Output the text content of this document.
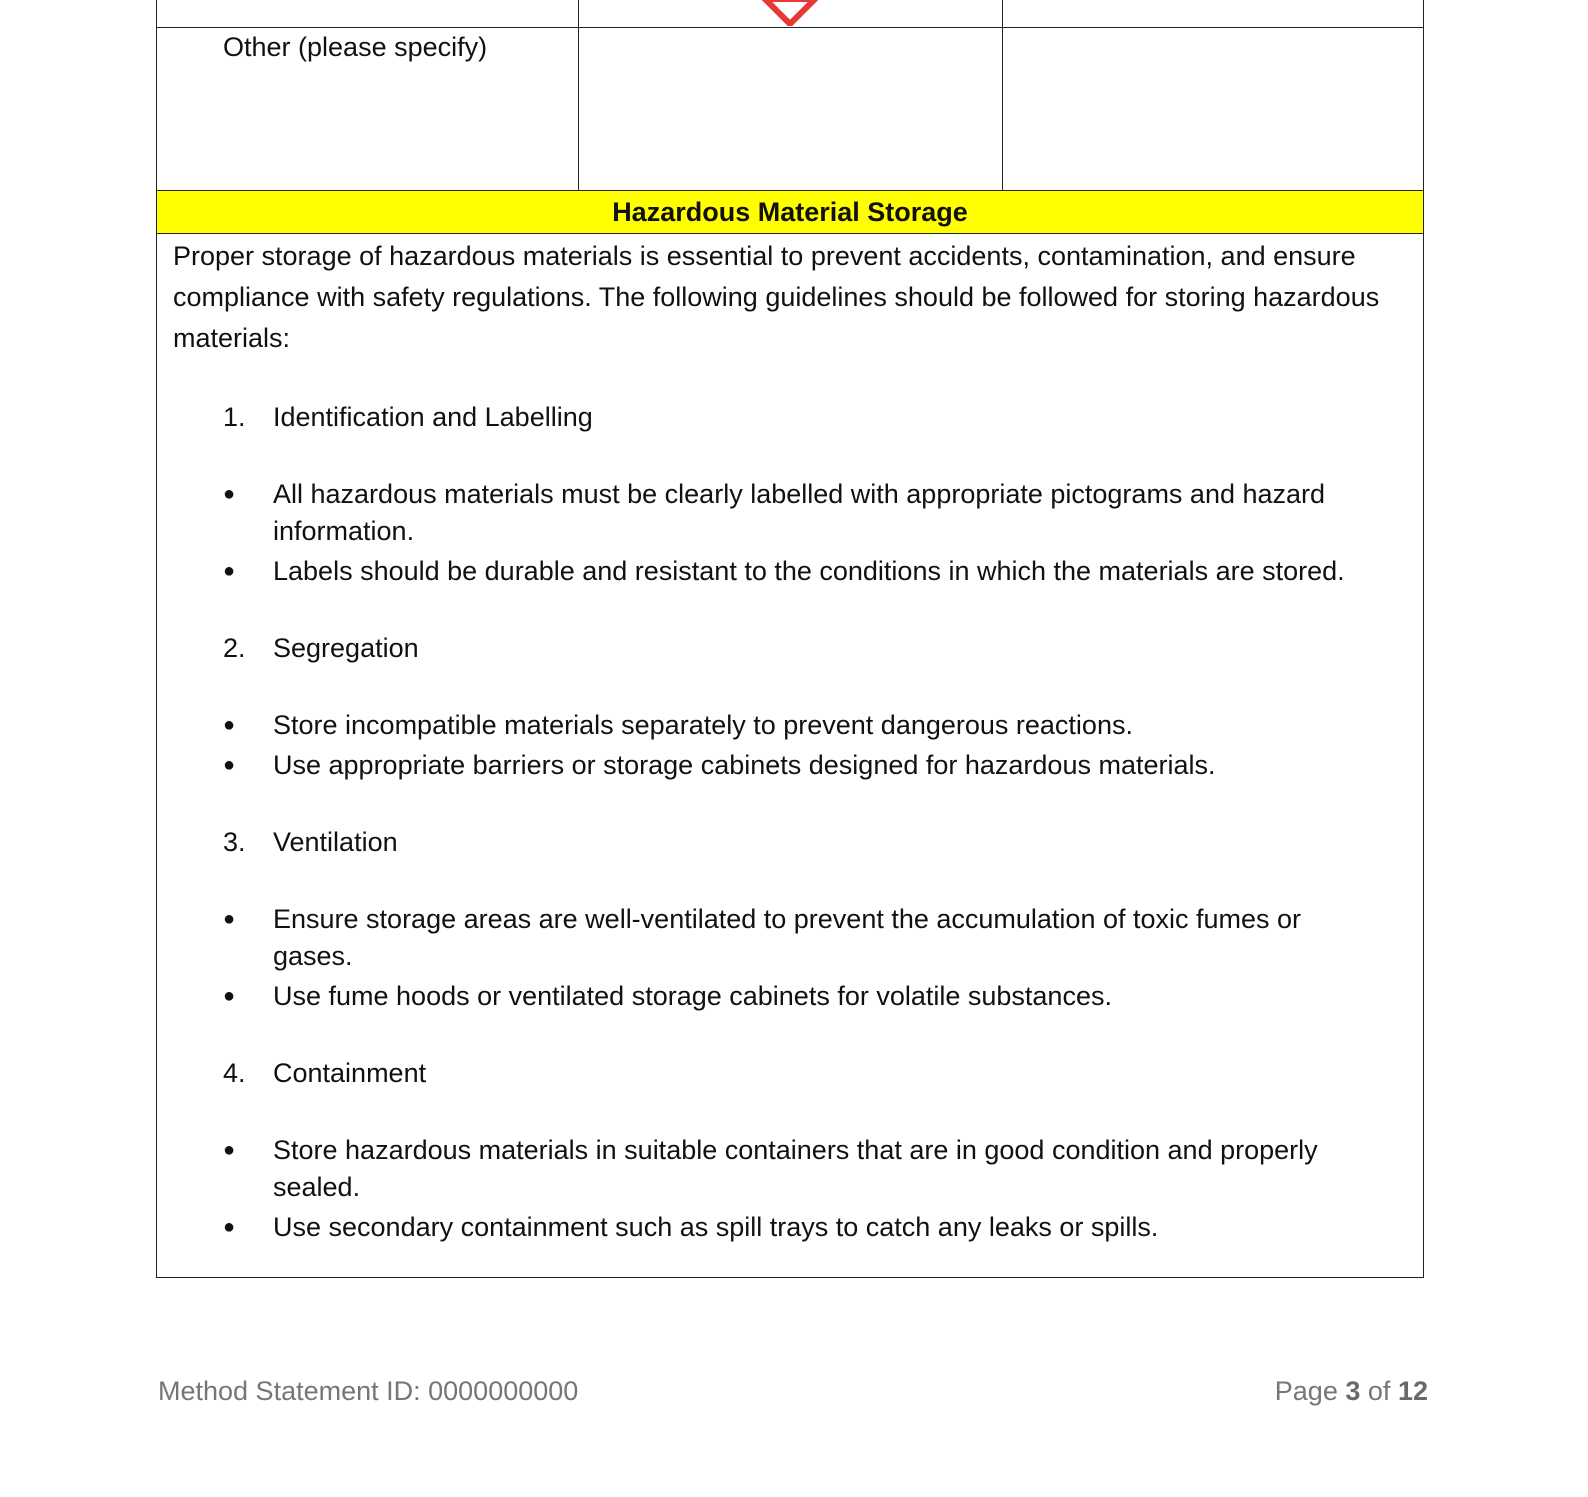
Other (please specify)
Hazardous Material Storage

Proper storage of hazardous materials is essential to prevent accidents, contamination, and ensure compliance with safety regulations. The following guidelines should be followed for storing hazardous materials:

1.	Identification and Labelling
●	All hazardous materials must be clearly labelled with appropriate pictograms and hazard information.
●	Labels should be durable and resistant to the conditions in which the materials are stored.
2.	Segregation
●	Store incompatible materials separately to prevent dangerous reactions.
●	Use appropriate barriers or storage cabinets designed for hazardous materials.
3.	Ventilation
●	Ensure storage areas are well-ventilated to prevent the accumulation of toxic fumes or gases.
●	Use fume hoods or ventilated storage cabinets for volatile substances.
4.	Containment
●	Store hazardous materials in suitable containers that are in good condition and properly sealed.
●	Use secondary containment such as spill trays to catch any leaks or spills.
Method Statement ID: 0000000000	Page 3 of 12
